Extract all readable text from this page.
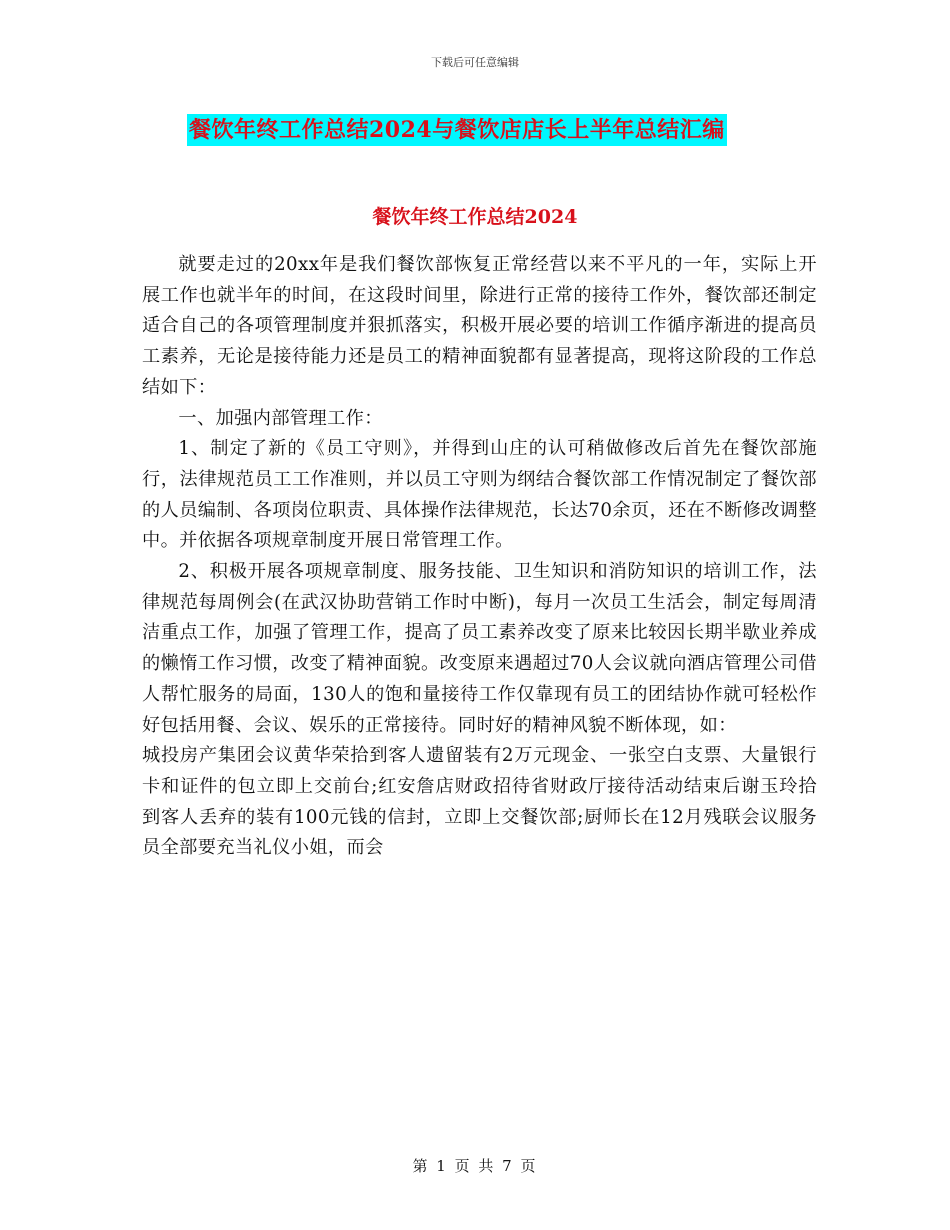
下载后可任意编辑
餐饮年终工作总结2024与餐饮店店长上半年总结汇编
餐饮年终工作总结2024

就要走过的20xx年是我们餐饮部恢复正常经营以来不平凡的一年，实际上开展工作也就半年的时间，在这段时间里，除进行正常的接待工作外，餐饮部还制定适合自己的各项管理制度并狠抓落实，积极开展必要的培训工作循序渐进的提高员工素养，无论是接待能力还是员工的精神面貌都有显著提高，现将这阶段的工作总结如下：

一、加强内部管理工作：

1、制定了新的《员工守则》，并得到山庄的认可稍做修改后首先在餐饮部施行，法律规范员工工作准则，并以员工守则为纲结合餐饮部工作情况制定了餐饮部的人员编制、各项岗位职责、具体操作法律规范，长达70余页，还在不断修改调整中。并依据各项规章制度开展日常管理工作。

2、积极开展各项规章制度、服务技能、卫生知识和消防知识的培训工作，法律规范每周例会(在武汉协助营销工作时中断)，每月一次员工生活会，制定每周清洁重点工作，加强了管理工作，提高了员工素养改变了原来比较因长期半歇业养成的懒惰工作习惯，改变了精神面貌。改变原来遇超过70人会议就向酒店管理公司借人帮忙服务的局面，130人的饱和量接待工作仅靠现有员工的团结协作就可轻松作好包括用餐、会议、娱乐的正常接待。同时好的精神风貌不断体现，如：

城投房产集团会议黄华荣拾到客人遗留装有2万元现金、一张空白支票、大量银行卡和证件的包立即上交前台;红安詹店财政招待省财政厅接待活动结束后谢玉玲拾到客人丢弃的装有100元钱的信封，立即上交餐饮部;厨师长在12月残联会议服务员全部要充当礼仪小姐，而会

第 1 页 共 7 页
